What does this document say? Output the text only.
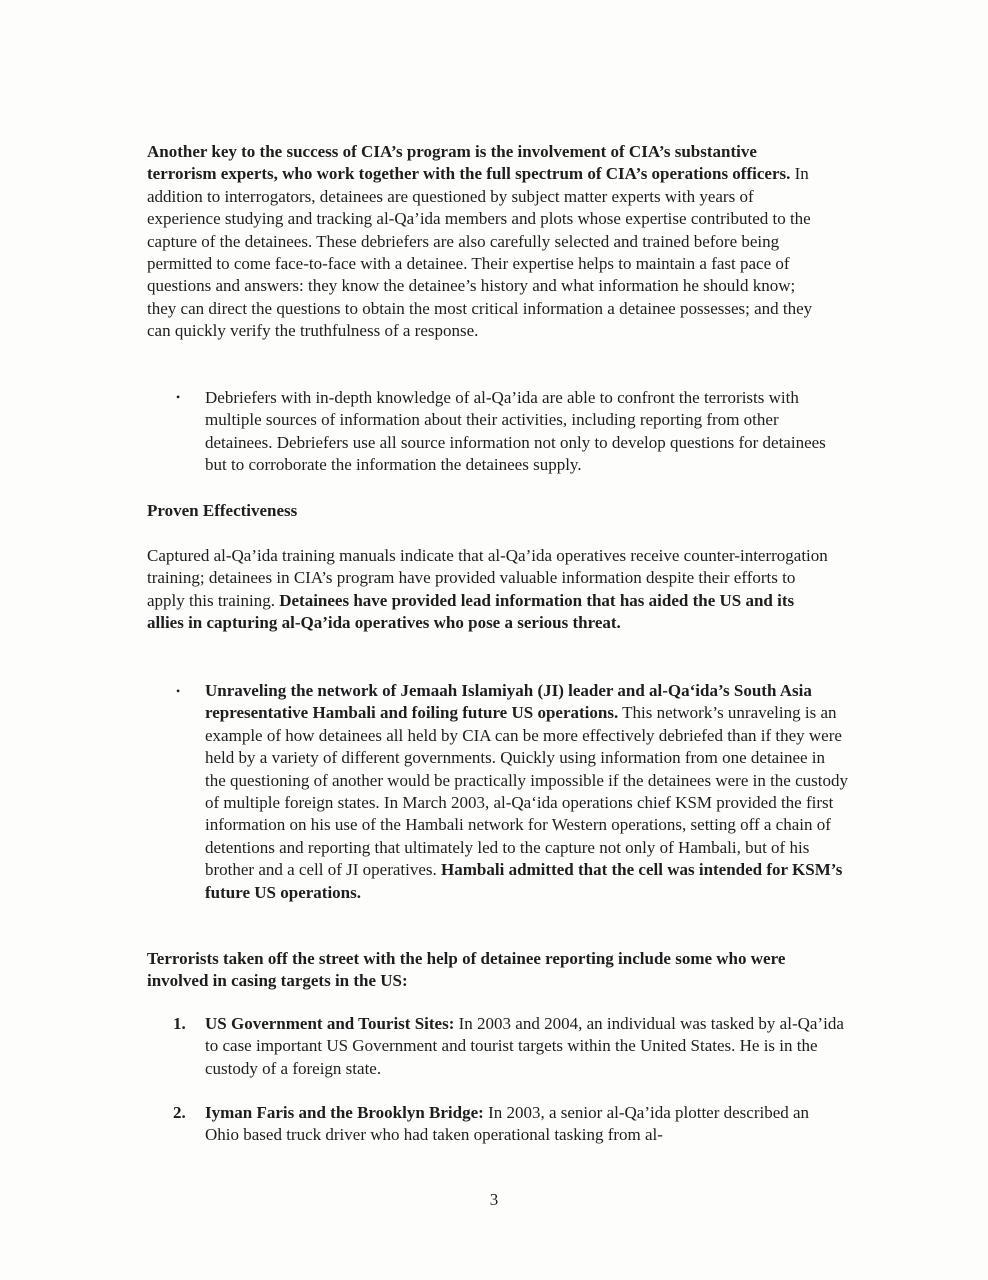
Another key to the success of CIA’s program is the involvement of CIA’s substantive terrorism experts, who work together with the full spectrum of CIA’s operations officers. In addition to interrogators, detainees are questioned by subject matter experts with years of experience studying and tracking al-Qa’ida members and plots whose expertise contributed to the capture of the detainees. These debriefers are also carefully selected and trained before being permitted to come face-to-face with a detainee. Their expertise helps to maintain a fast pace of questions and answers: they know the detainee’s history and what information he should know; they can direct the questions to obtain the most critical information a detainee possesses; and they can quickly verify the truthfulness of a response.

• Debriefers with in-depth knowledge of al-Qa’ida are able to confront the terrorists with multiple sources of information about their activities, including reporting from other detainees. Debriefers use all source information not only to develop questions for detainees but to corroborate the information the detainees supply.

Proven Effectiveness

Captured al-Qa’ida training manuals indicate that al-Qa’ida operatives receive counter-interrogation training; detainees in CIA’s program have provided valuable information despite their efforts to apply this training. Detainees have provided lead information that has aided the US and its allies in capturing al-Qa’ida operatives who pose a serious threat.

• Unraveling the network of Jemaah Islamiyah (JI) leader and al-Qa‘ida’s South Asia representative Hambali and foiling future US operations. This network’s unraveling is an example of how detainees all held by CIA can be more effectively debriefed than if they were held by a variety of different governments. Quickly using information from one detainee in the questioning of another would be practically impossible if the detainees were in the custody of multiple foreign states. In March 2003, al-Qa‘ida operations chief KSM provided the first information on his use of the Hambali network for Western operations, setting off a chain of detentions and reporting that ultimately led to the capture not only of Hambali, but of his brother and a cell of JI operatives. Hambali admitted that the cell was intended for KSM’s future US operations.

Terrorists taken off the street with the help of detainee reporting include some who were involved in casing targets in the US:

1. US Government and Tourist Sites: In 2003 and 2004, an individual was tasked by al-Qa’ida to case important US Government and tourist targets within the United States. He is in the custody of a foreign state.

2. Iyman Faris and the Brooklyn Bridge: In 2003, a senior al-Qa’ida plotter described an Ohio based truck driver who had taken operational tasking from al-

3
